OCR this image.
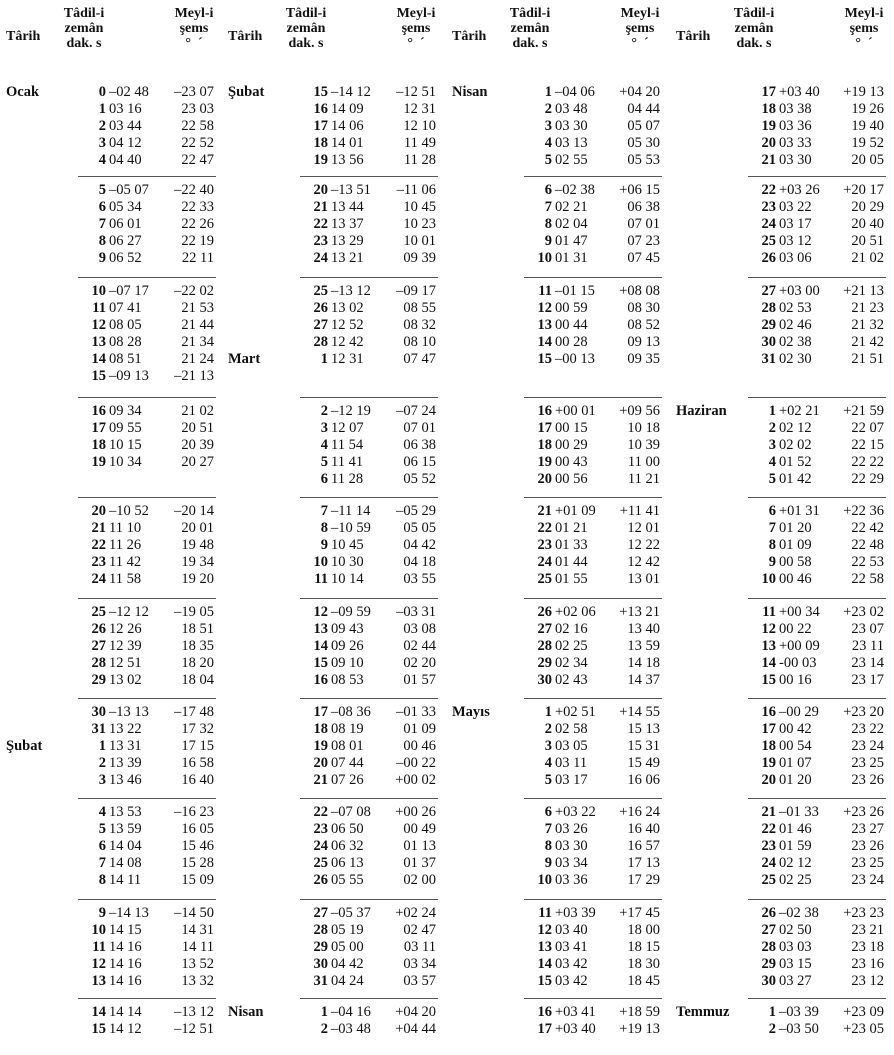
Târih
Tâdil-i
zemân
dak. s
Meyl-i
şems
°  ´
Ocak	0 –02 48 –23 07
1 03 16	23 03
2 03 44	22 58
3 04 12	22 52
4 04 40	22 47
5 –05 07 –22 40
6 05 34	22 33
7 06 01	22 26
8 06 27	22 19
9 06 52	22 11
10 –07 17 –22 02
11 07 41	21 53
12 08 05	21 44
13 08 28	21 34
14 08 51	21 24
15 –09 13 –21 13
16 09 34	21 02
17 09 55	20 51
18 10 15	20 39
19 10 34	20 27
20 –10 52 –20 14
21 11 10	20 01
22 11 26	19 48
23 11 42	19 34
24 11 58	19 20
25 –12 12 –19 05
26 12 26	18 51
27 12 39	18 35
28 12 51	18 20
29 13 02	18 04
30 –13 13 –17 48
31 13 22	17 32
Şubat	1 13 31	17 15
2 13 39	16 58
3 13 46	16 40
4 13 53 –16 23
5 13 59	16 05
6 14 04	15 46
7 14 08	15 28
8 14 11	15 09
9 –14 13 –14 50
10 14 15	14 31
11 14 16	14 11
12 14 16	13 52
13 14 16	13 32
14 14 14 –13 12
15 14 12 –12 51
Târih
Tâdil-i
zemân
dak. s
Meyl-i
şems
°  ´
Şubat	15 –14 12 –12 51
16 14 09	12 31
17 14 06	12 10
18 14 01	11 49
19 13 56	11 28
20 –13 51 –11 06
21 13 44	10 45
22 13 37	10 23
23 13 29	10 01
24 13 21	09 39
25 –13 12 –09 17
26 13 02	08 55
27 12 52	08 32
28 12 42	08 10
Mart	1 12 31	07 47
2 –12 19 –07 24
3 12 07	07 01
4 11 54	06 38
5 11 41	06 15
6 11 28	05 52
7 –11 14 –05 29
8 –10 59 05 05
9 10 45	04 42
10 10 30	04 18
11 10 14	03 55
12 –09 59 –03 31
13 09 43	03 08
14 09 26	02 44
15 09 10	02 20
16 08 53	01 57
17 –08 36 –01 33
18 08 19	01 09
19 08 01	00 46
20 07 44 –00 22
21 07 26 +00 02
22 –07 08 +00 26
23 06 50	00 49
24 06 32	01 13
25 06 13	01 37
26 05 55	02 00
27 –05 37 +02 24
28 05 19	02 47
29 05 00	03 11
30 04 42	03 34
31 04 24	03 57
Nisan	1 –04 16 +04 20
2 –03 48 +04 44
Târih
Tâdil-i
zemân
dak. s
Meyl-i
şems
°  ´
Nisan	1 –04 06 +04 20
2 03 48	04 44
3 03 30	05 07
4 03 13	05 30
5 02 55	05 53
6 –02 38 +06 15
7 02 21	06 38
8 02 04	07 01
9 01 47	07 23
10 01 31	07 45
11 –01 15 +08 08
12 00 59	08 30
13 00 44	08 52
14 00 28	09 13
15 –00 13 09 35
16 +00 01 +09 56
17 00 15	10 18
18 00 29	10 39
19 00 43	11 00
20 00 56	11 21
21 +01 09 +11 41
22 01 21	12 01
23 01 33	12 22
24 01 44	12 42
25 01 55	13 01
26 +02 06 +13 21
27 02 16	13 40
28 02 25	13 59
29 02 34	14 18
30 02 43	14 37
Mayıs	1 +02 51 +14 55
2 02 58	15 13
3 03 05	15 31
4 03 11	15 49
5 03 17	16 06
6 +03 22 +16 24
7 03 26	16 40
8 03 30	16 57
9 03 34	17 13
10 03 36	17 29
11 +03 39 +17 45
12 03 40	18 00
13 03 41	18 15
14 03 42	18 30
15 03 42	18 45
16 +03 41 +18 59
17 +03 40 +19 13
Târih
Tâdil-i
zemân
dak. s
Meyl-i
şems
°  ´
17 +03 40 +19 13
18 03 38	19 26
19 03 36	19 40
20 03 33	19 52
21 03 30	20 05
22 +03 26 +20 17
23 03 22	20 29
24 03 17	20 40
25 03 12	20 51
26 03 06	21 02
27 +03 00 +21 13
28 02 53	21 23
29 02 46	21 32
30 02 38	21 42
31 02 30	21 51
Haziran	1 +02 21 +21 59
2 02 12	22 07
3 02 02	22 15
4 01 52	22 22
5 01 42	22 29
6 +01 31 +22 36
7 01 20	22 42
8 01 09	22 48
9 00 58	22 53
10 00 46	22 58
11 +00 34 +23 02
12 00 22	23 07
13 +00 09 23 11
14 -00 03 23 14
15 00 16	23 17
16 –00 29 +23 20
17 00 42	23 22
18 00 54	23 24
19 01 07	23 25
20 01 20	23 26
21 –01 33 +23 26
22 01 46	23 27
23 01 59	23 26
24 02 12	23 25
25 02 25	23 24
26 –02 38 +23 23
27 02 50	23 21
28 03 03	23 18
29 03 15	23 16
30 03 27	23 12
Temmuz	1 –03 39 +23 09
2 –03 50 +23 05
